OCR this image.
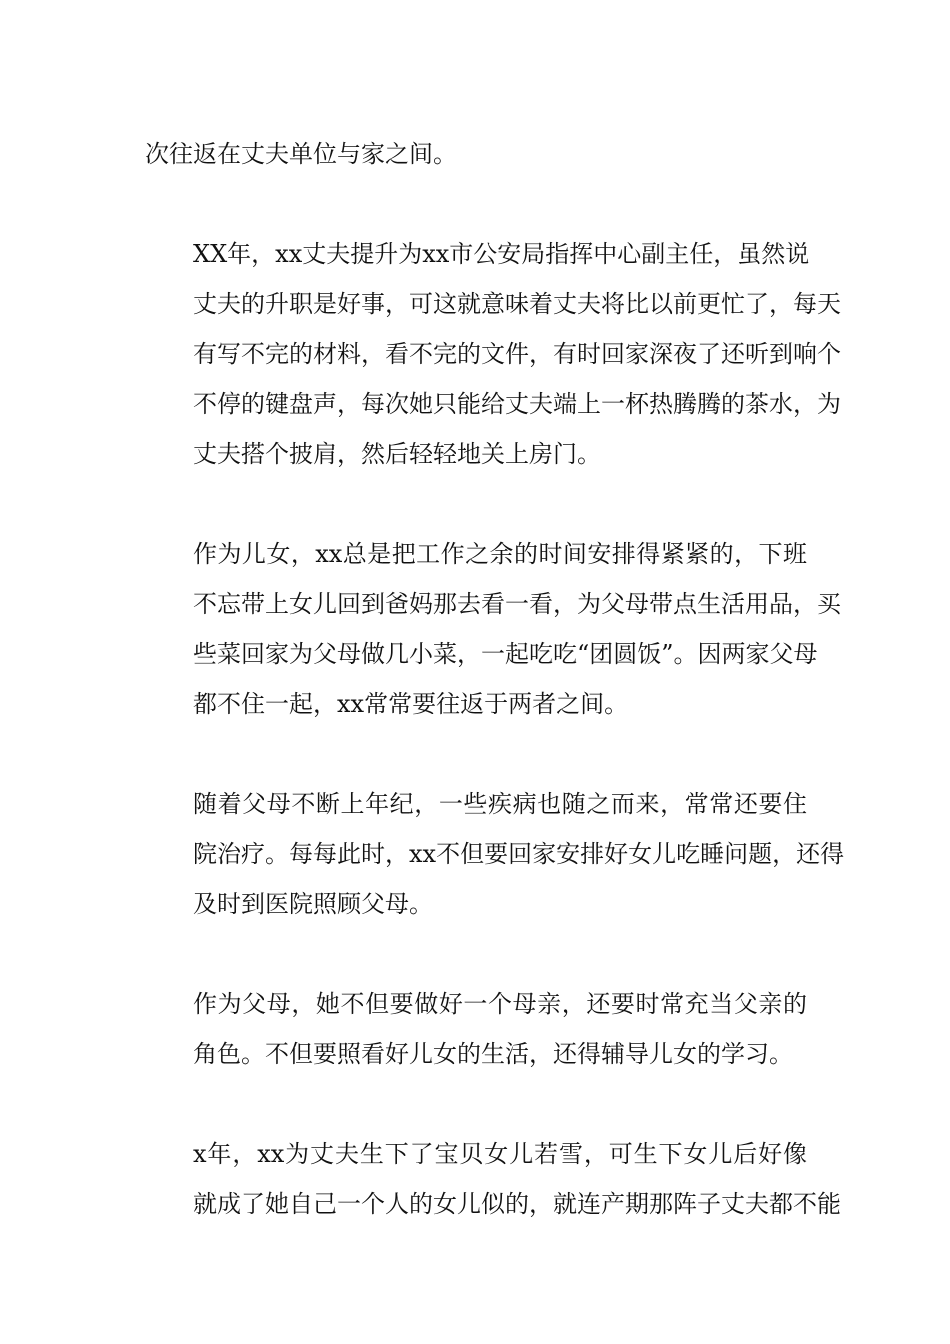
次往返在丈夫单位与家之间。

XX年，xx丈夫提升为xx市公安局指挥中心副主任，虽然说
丈夫的升职是好事，可这就意味着丈夫将比以前更忙了，每天
有写不完的材料，看不完的文件，有时回家深夜了还听到响个
不停的键盘声，每次她只能给丈夫端上一杯热腾腾的茶水，为
丈夫搭个披肩，然后轻轻地关上房门。

作为儿女，xx总是把工作之余的时间安排得紧紧的，下班
不忘带上女儿回到爸妈那去看一看，为父母带点生活用品，买
些菜回家为父母做几小菜，一起吃吃“团圆饭”。因两家父母
都不住一起，xx常常要往返于两者之间。

随着父母不断上年纪，一些疾病也随之而来，常常还要住
院治疗。每每此时，xx不但要回家安排好女儿吃睡问题，还得
及时到医院照顾父母。

作为父母，她不但要做好一个母亲，还要时常充当父亲的
角色。不但要照看好儿女的生活，还得辅导儿女的学习。

x年，xx为丈夫生下了宝贝女儿若雪，可生下女儿后好像
就成了她自己一个人的女儿似的，就连产期那阵子丈夫都不能
